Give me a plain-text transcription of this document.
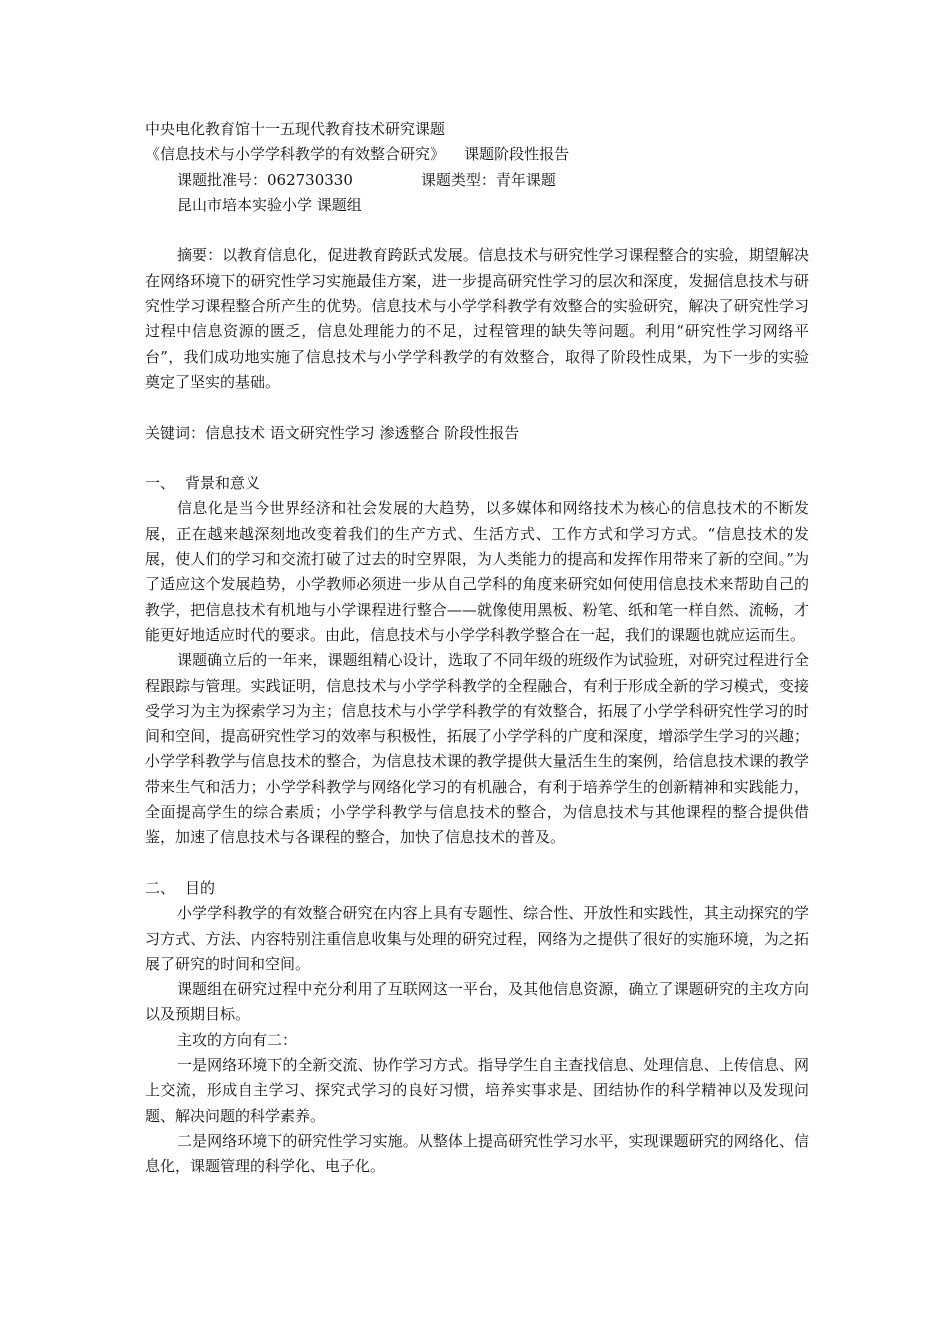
中央电化教育馆十一五现代教育技术研究课题
《信息技术与小学学科教学的有效整合研究》    课题阶段性报告
课题批准号：062730330	课题类型：青年课题
昆山市培本实验小学 课题组

摘要：以教育信息化，促进教育跨跃式发展。信息技术与研究性学习课程整合的实验，期望解决在网络环境下的研究性学习实施最佳方案，进一步提高研究性学习的层次和深度，发掘信息技术与研究性学习课程整合所产生的优势。信息技术与小学学科教学有效整合的实验研究，解决了研究性学习过程中信息资源的匮乏，信息处理能力的不足，过程管理的缺失等问题。利用“研究性学习网络平台”，我们成功地实施了信息技术与小学学科教学的有效整合，取得了阶段性成果，为下一步的实验奠定了坚实的基础。

关键词：信息技术 语文研究性学习 渗透整合 阶段性报告

一、 背景和意义

信息化是当今世界经济和社会发展的大趋势，以多媒体和网络技术为核心的信息技术的不断发展，正在越来越深刻地改变着我们的生产方式、生活方式、工作方式和学习方式。“信息技术的发展，使人们的学习和交流打破了过去的时空界限，为人类能力的提高和发挥作用带来了新的空间。”为了适应这个发展趋势，小学教师必须进一步从自己学科的角度来研究如何使用信息技术来帮助自己的教学，把信息技术有机地与小学课程进行整合——就像使用黑板、粉笔、纸和笔一样自然、流畅，才能更好地适应时代的要求。由此，信息技术与小学学科教学整合在一起，我们的课题也就应运而生。

课题确立后的一年来，课题组精心设计，选取了不同年级的班级作为试验班，对研究过程进行全程跟踪与管理。实践证明，信息技术与小学学科教学的全程融合，有利于形成全新的学习模式，变接受学习为主为探索学习为主；信息技术与小学学科教学的有效整合，拓展了小学学科研究性学习的时间和空间，提高研究性学习的效率与积极性，拓展了小学学科的广度和深度，增添学生学习的兴趣；小学学科教学与信息技术的整合，为信息技术课的教学提供大量活生生的案例，给信息技术课的教学带来生气和活力；小学学科教学与网络化学习的有机融合，有利于培养学生的创新精神和实践能力，全面提高学生的综合素质；小学学科教学与信息技术的整合，为信息技术与其他课程的整合提供借鉴，加速了信息技术与各课程的整合，加快了信息技术的普及。

二、 目的

小学学科教学的有效整合研究在内容上具有专题性、综合性、开放性和实践性，其主动探究的学习方式、方法、内容特别注重信息收集与处理的研究过程，网络为之提供了很好的实施环境，为之拓展了研究的时间和空间。

课题组在研究过程中充分利用了互联网这一平台，及其他信息资源，确立了课题研究的主攻方向以及预期目标。

主攻的方向有二：

一是网络环境下的全新交流、协作学习方式。指导学生自主查找信息、处理信息、上传信息、网上交流，形成自主学习、探究式学习的良好习惯，培养实事求是、团结协作的科学精神以及发现问题、解决问题的科学素养。

二是网络环境下的研究性学习实施。从整体上提高研究性学习水平，实现课题研究的网络化、信息化，课题管理的科学化、电子化。
